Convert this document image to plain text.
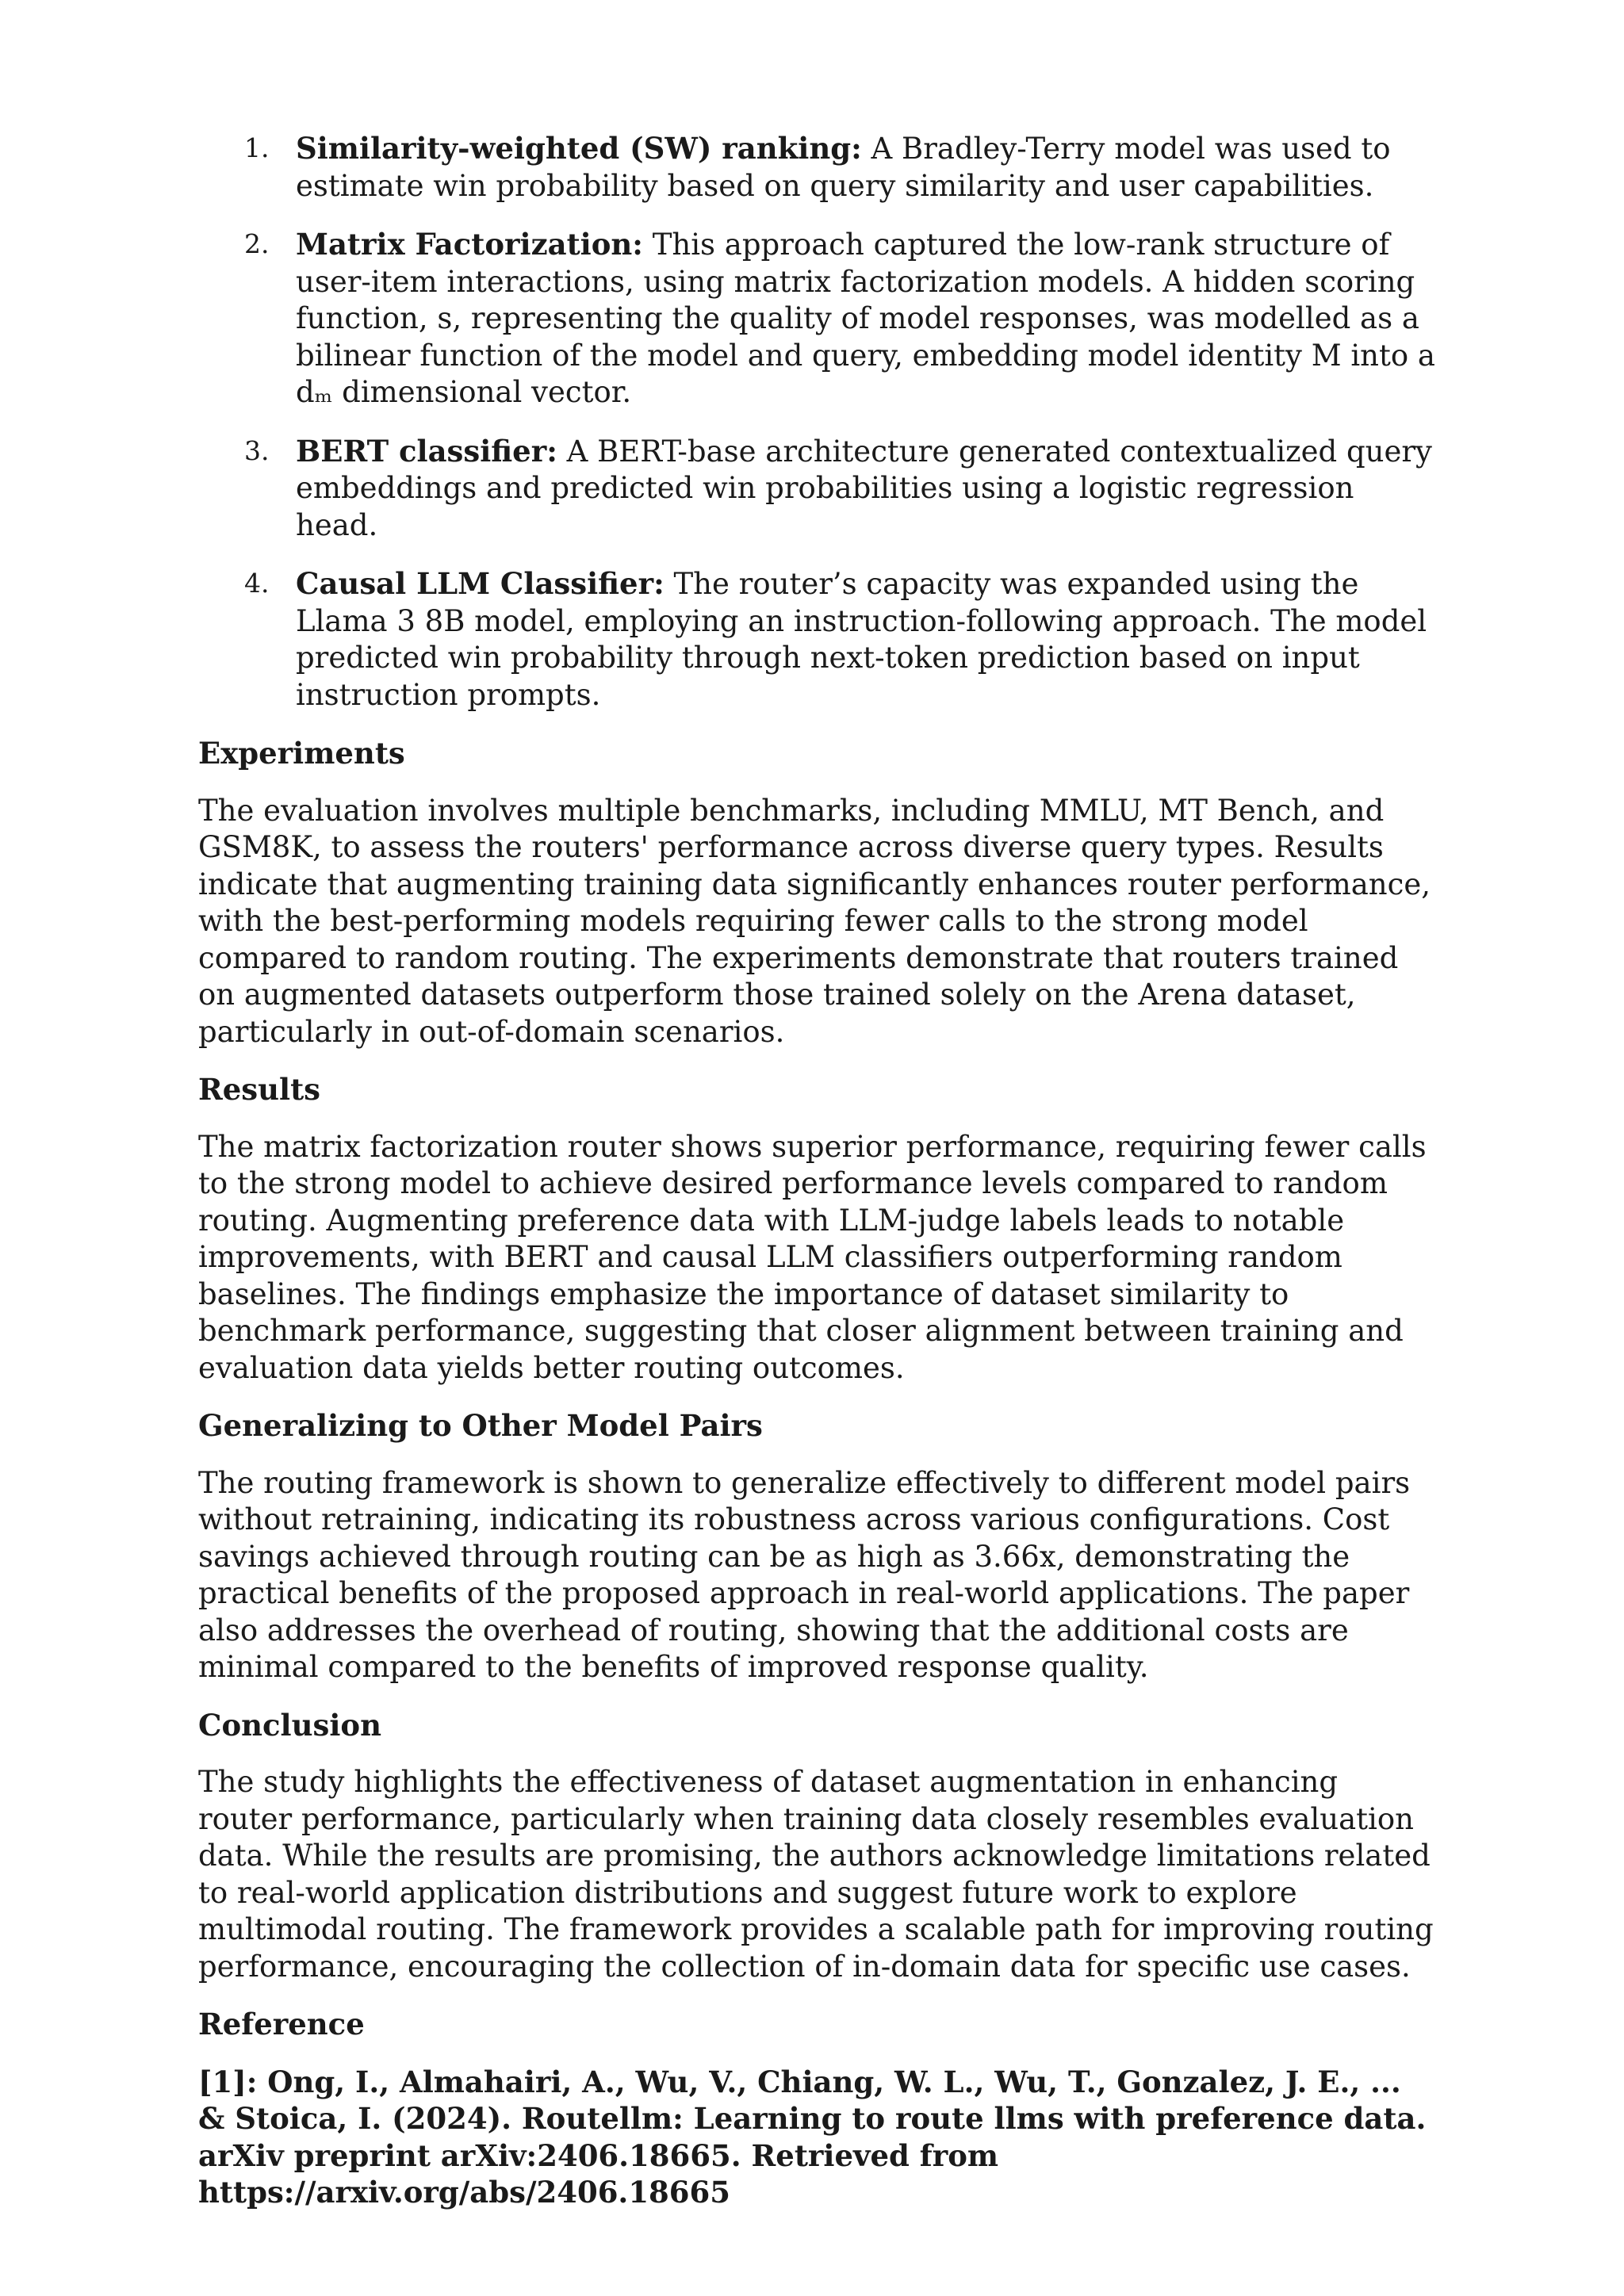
1. Similarity-weighted (SW) ranking: A Bradley-Terry model was used to estimate win probability based on query similarity and user capabilities.
2. Matrix Factorization: This approach captured the low-rank structure of user-item interactions, using matrix factorization models. A hidden scoring function, s, representing the quality of model responses, was modelled as a bilinear function of the model and query, embedding model identity M into a dₘ dimensional vector.
3. BERT classifier: A BERT-base architecture generated contextualized query embeddings and predicted win probabilities using a logistic regression head.
4. Causal LLM Classifier: The router’s capacity was expanded using the Llama 3 8B model, employing an instruction-following approach. The model predicted win probability through next-token prediction based on input instruction prompts.
Experiments

The evaluation involves multiple benchmarks, including MMLU, MT Bench, and GSM8K, to assess the routers' performance across diverse query types. Results indicate that augmenting training data significantly enhances router performance, with the best-performing models requiring fewer calls to the strong model compared to random routing. The experiments demonstrate that routers trained on augmented datasets outperform those trained solely on the Arena dataset, particularly in out-of-domain scenarios.

Results

The matrix factorization router shows superior performance, requiring fewer calls to the strong model to achieve desired performance levels compared to random routing. Augmenting preference data with LLM-judge labels leads to notable improvements, with BERT and causal LLM classifiers outperforming random baselines. The findings emphasize the importance of dataset similarity to benchmark performance, suggesting that closer alignment between training and evaluation data yields better routing outcomes.

Generalizing to Other Model Pairs

The routing framework is shown to generalize effectively to different model pairs without retraining, indicating its robustness across various configurations. Cost savings achieved through routing can be as high as 3.66x, demonstrating the practical benefits of the proposed approach in real-world applications. The paper also addresses the overhead of routing, showing that the additional costs are minimal compared to the benefits of improved response quality.

Conclusion

The study highlights the effectiveness of dataset augmentation in enhancing router performance, particularly when training data closely resembles evaluation data. While the results are promising, the authors acknowledge limitations related to real-world application distributions and suggest future work to explore multimodal routing. The framework provides a scalable path for improving routing performance, encouraging the collection of in-domain data for specific use cases.

Reference

[1]: Ong, I., Almahairi, A., Wu, V., Chiang, W. L., Wu, T., Gonzalez, J. E., ... & Stoica, I. (2024). Routellm: Learning to route llms with preference data. arXiv preprint arXiv:2406.18665. Retrieved from https://arxiv.org/abs/2406.18665
